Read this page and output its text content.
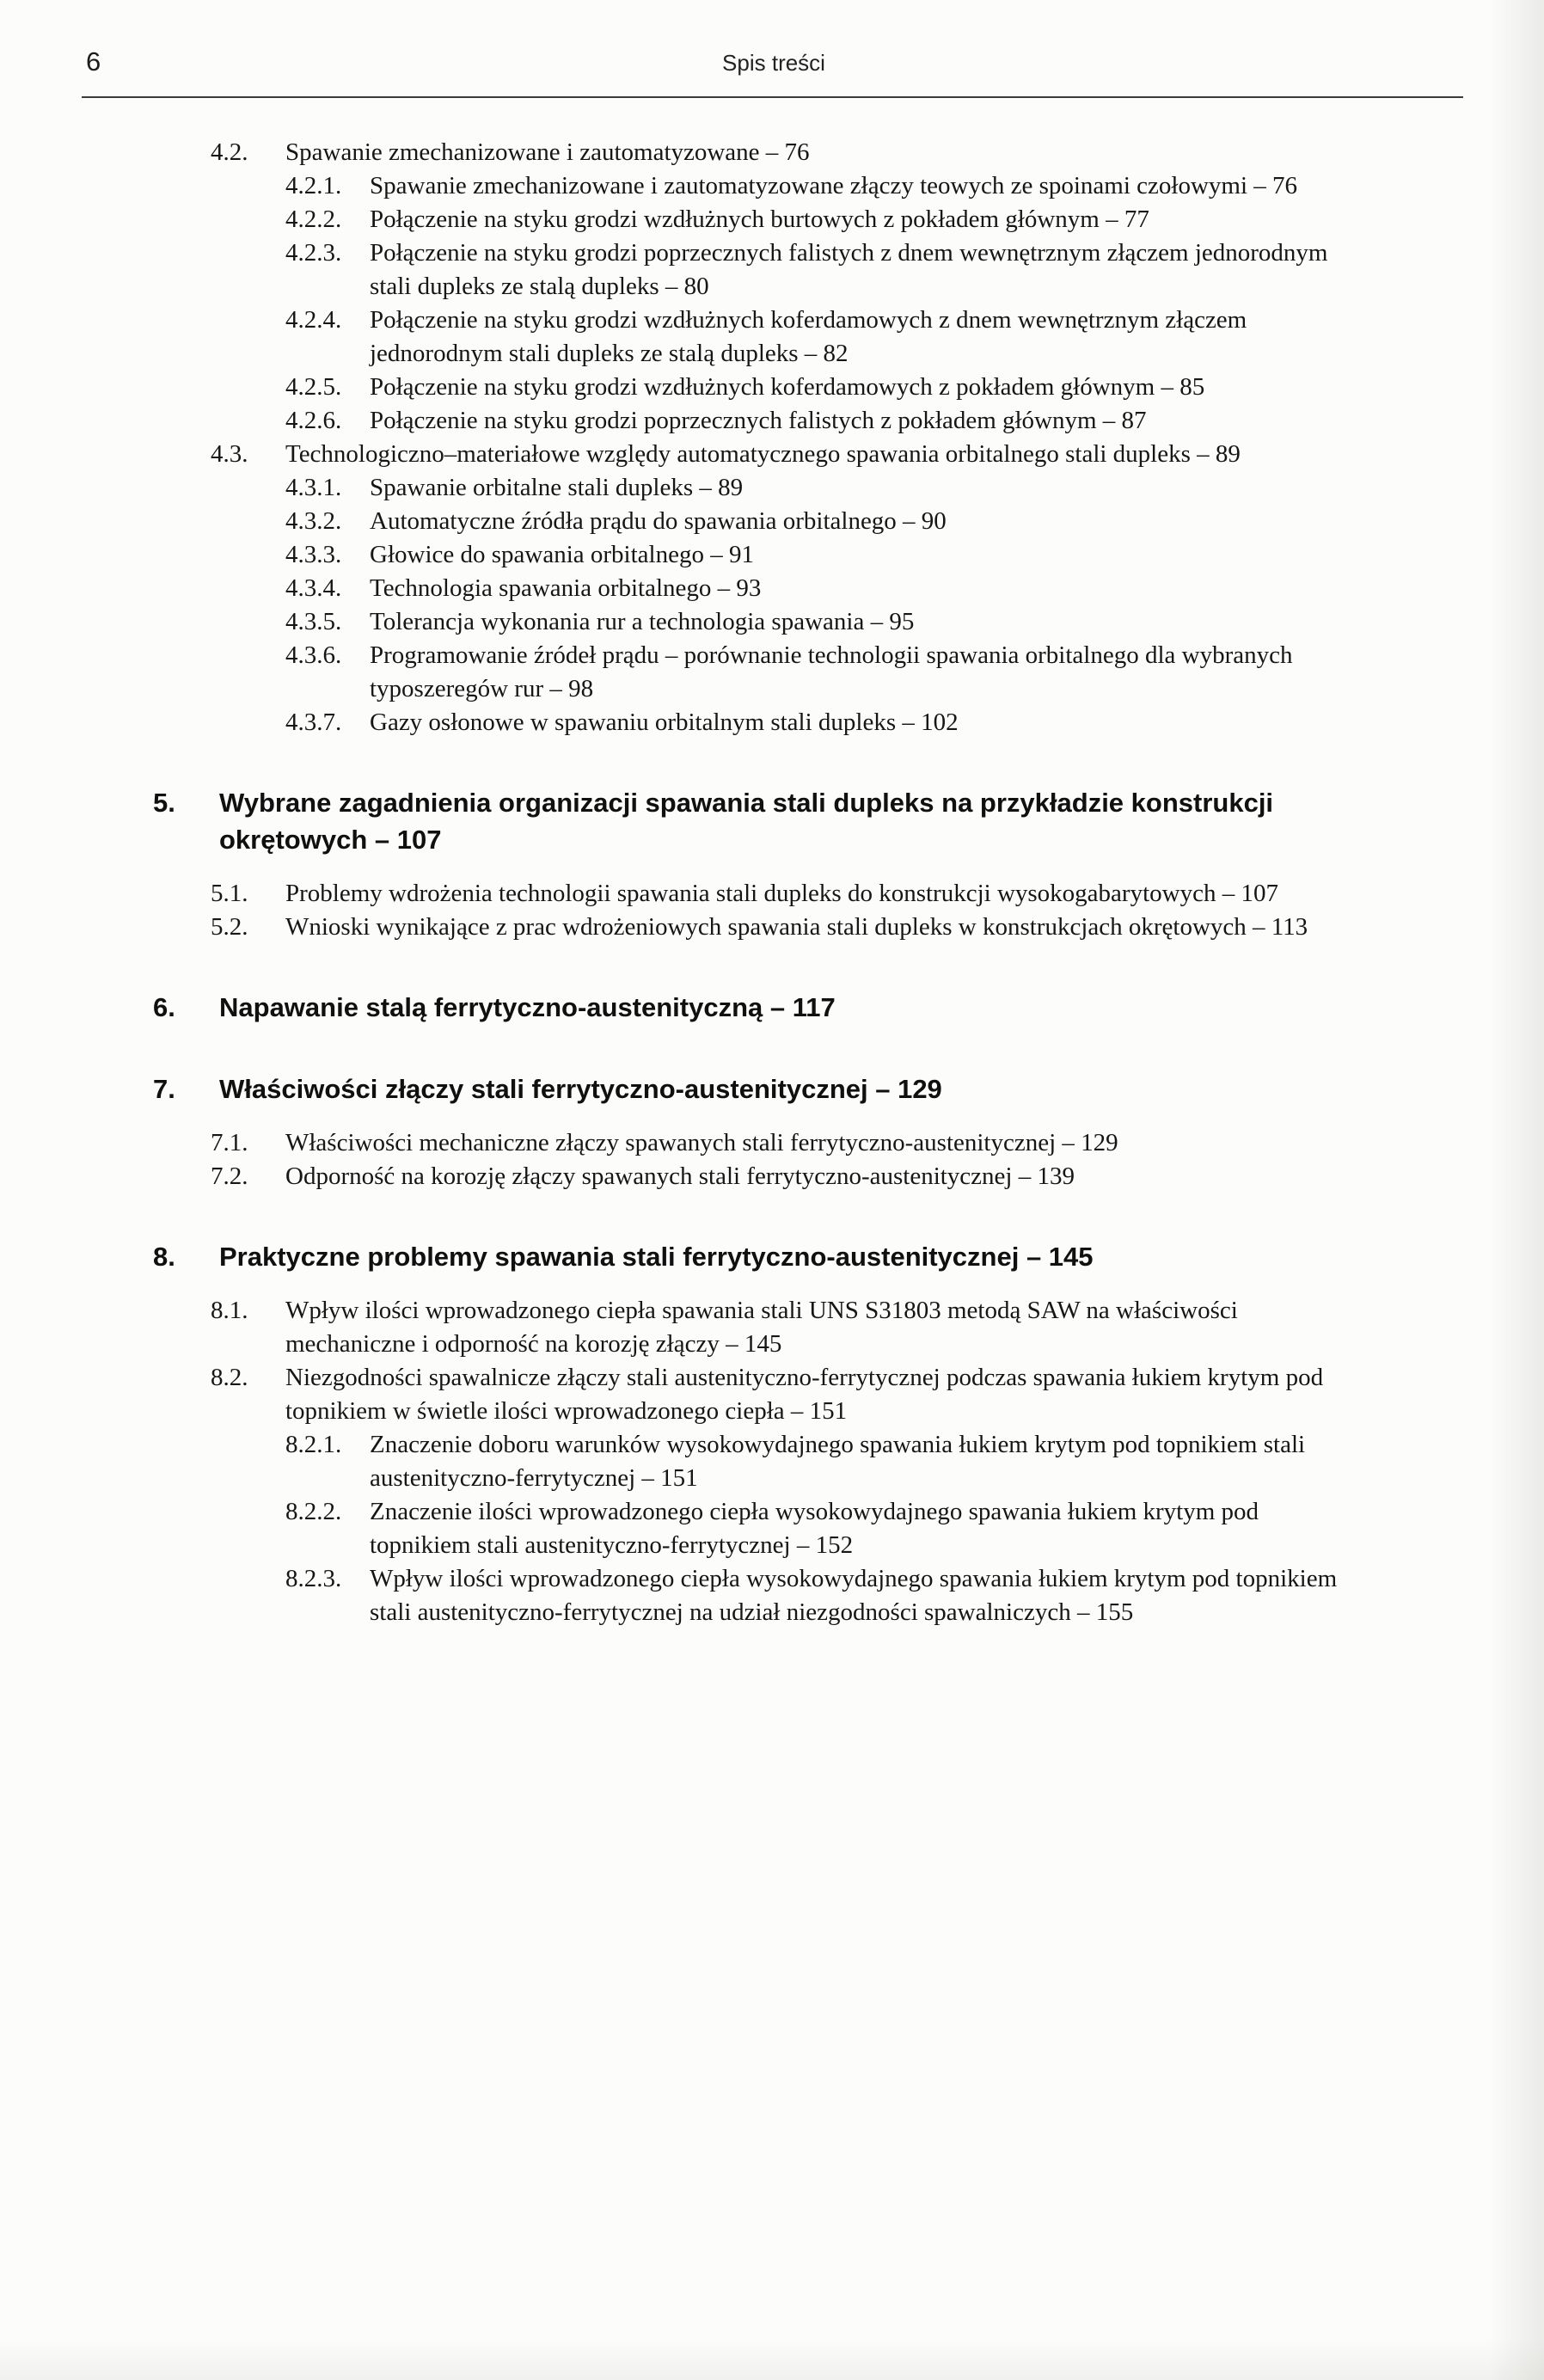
6	Spis treści
4.2.	Spawanie zmechanizowane i zautomatyzowane – 76
4.2.1.	Spawanie zmechanizowane i zautomatyzowane złączy teowych ze spoinami czołowymi – 76
4.2.2.	Połączenie na styku grodzi wzdłużnych burtowych z pokładem głównym – 77
4.2.3.	Połączenie na styku grodzi poprzecznych falistych z dnem wewnętrznym złączem jednorodnym stali dupleks ze stalą dupleks – 80
4.2.4.	Połączenie na styku grodzi wzdłużnych koferdamowych z dnem wewnętrznym złączem jednorodnym stali dupleks ze stalą dupleks – 82
4.2.5.	Połączenie na styku grodzi wzdłużnych koferdamowych z pokładem głównym – 85
4.2.6.	Połączenie na styku grodzi poprzecznych falistych z pokładem głównym – 87
4.3.	Technologiczno–materiałowe względy automatycznego spawania orbitalnego stali dupleks – 89
4.3.1.	Spawanie orbitalne stali dupleks – 89
4.3.2.	Automatyczne źródła prądu do spawania orbitalnego – 90
4.3.3.	Głowice do spawania orbitalnego – 91
4.3.4.	Technologia spawania orbitalnego – 93
4.3.5.	Tolerancja wykonania rur a technologia spawania – 95
4.3.6.	Programowanie źródeł prądu – porównanie technologii spawania orbitalnego dla wybranych typoszeregów rur – 98
4.3.7.	Gazy osłonowe w spawaniu orbitalnym stali dupleks – 102
5.	Wybrane zagadnienia organizacji spawania stali dupleks na przykładzie konstrukcji okrętowych – 107
5.1.	Problemy wdrożenia technologii spawania stali dupleks do konstrukcji wysokogabarytowych – 107
5.2.	Wnioski wynikające z prac wdrożeniowych spawania stali dupleks w konstrukcjach okrętowych – 113
6.	Napawanie stalą ferrytyczno-austenityczną – 117
7.	Właściwości złączy stali ferrytyczno-austenitycznej – 129
7.1.	Właściwości mechaniczne złączy spawanych stali ferrytyczno-austenitycznej – 129
7.2.	Odporność na korozję złączy spawanych stali ferrytyczno-austenitycznej – 139
8.	Praktyczne problemy spawania stali ferrytyczno-austenitycznej – 145
8.1.	Wpływ ilości wprowadzonego ciepła spawania stali UNS S31803 metodą SAW na właściwości mechaniczne i odporność na korozję złączy – 145
8.2.	Niezgodności spawalnicze złączy stali austenityczno-ferrytycznej podczas spawania łukiem krytym pod topnikiem w świetle ilości wprowadzonego ciepła – 151
8.2.1.	Znaczenie doboru warunków wysokowydajnego spawania łukiem krytym pod topnikiem stali austenityczno-ferrytycznej – 151
8.2.2.	Znaczenie ilości wprowadzonego ciepła wysokowydajnego spawania łukiem krytym pod topnikiem stali austenityczno-ferrytycznej – 152
8.2.3.	Wpływ ilości wprowadzonego ciepła wysokowydajnego spawania łukiem krytym pod topnikiem stali austenityczno-ferrytycznej na udział niezgodności spawalniczych – 155
